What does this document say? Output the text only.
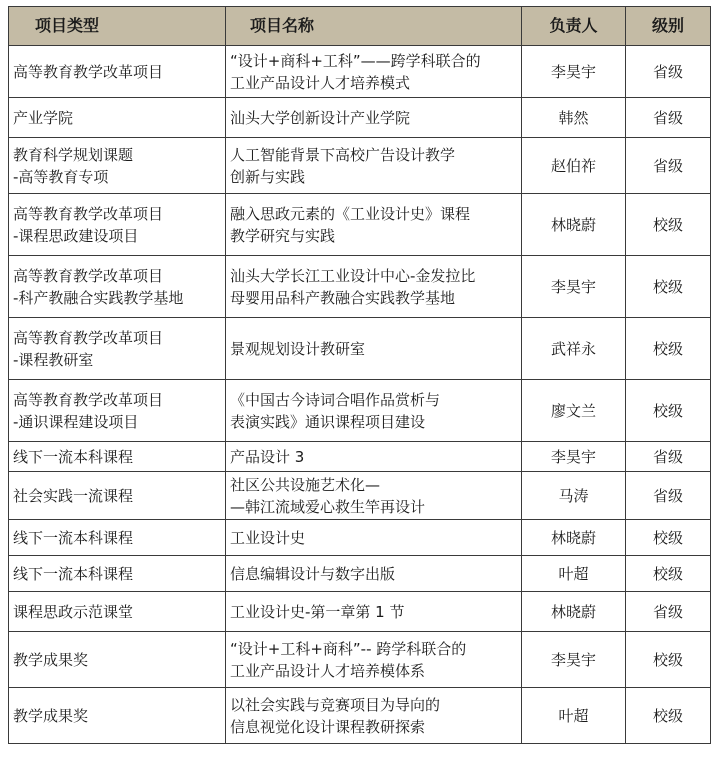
项目类型	项目名称	负责人	级别

高等教育教学改革项目	“设计+商科+工科”——跨学科联合的
工业产品设计人才培养模式	李昊宇	省级

产业学院	汕头大学创新设计产业学院	韩然	省级

教育科学规划课题
-高等教育专项	人工智能背景下高校广告设计教学
创新与实践	赵伯祚	省级

高等教育教学改革项目
-课程思政建设项目	融入思政元素的《工业设计史》课程
教学研究与实践	林晓蔚	校级

高等教育教学改革项目
-科产教融合实践教学基地	汕头大学长江工业设计中心-金发拉比
母婴用品科产教融合实践教学基地	李昊宇	校级

高等教育教学改革项目
-课程教研室	景观规划设计教研室	武祥永	校级

高等教育教学改革项目
-通识课程建设项目	《中国古今诗词合唱作品赏析与
表演实践》通识课程项目建设	廖文兰	校级

线下一流本科课程	产品设计 3	李昊宇	省级

社会实践一流课程	社区公共设施艺术化—
—韩江流域爱心救生竿再设计	马涛	省级

线下一流本科课程	工业设计史	林晓蔚	校级

线下一流本科课程	信息编辑设计与数字出版	叶超	校级

课程思政示范课堂	工业设计史-第一章第 1 节	林晓蔚	省级

教学成果奖	“设计+工科+商科”-- 跨学科联合的
工业产品设计人才培养模体系	李昊宇	校级

教学成果奖	以社会实践与竞赛项目为导向的
信息视觉化设计课程教研探索	叶超	校级
